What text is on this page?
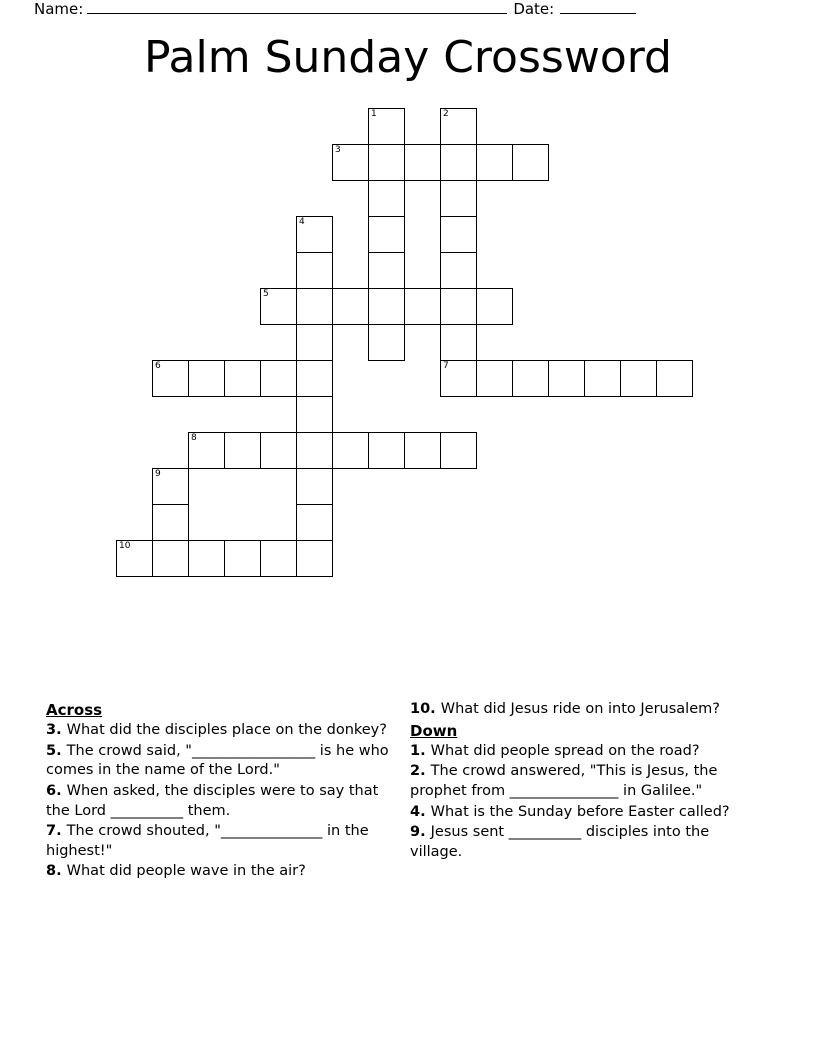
Name:	Date:
Palm Sunday Crossword
1	2
3
4
5
6	7
8
9
10
Across
3. What did the disciples place on the donkey?
5. The crowd said, "_________________ is he who comes in the name of the Lord."
6. When asked, the disciples were to say that the Lord __________ them.
7. The crowd shouted, "______________ in the highest!"
8. What did people wave in the air?
10. What did Jesus ride on into Jerusalem?
Down
1. What did people spread on the road?
2. The crowd answered, "This is Jesus, the prophet from _______________ in Galilee."
4. What is the Sunday before Easter called?
9. Jesus sent __________ disciples into the village.
